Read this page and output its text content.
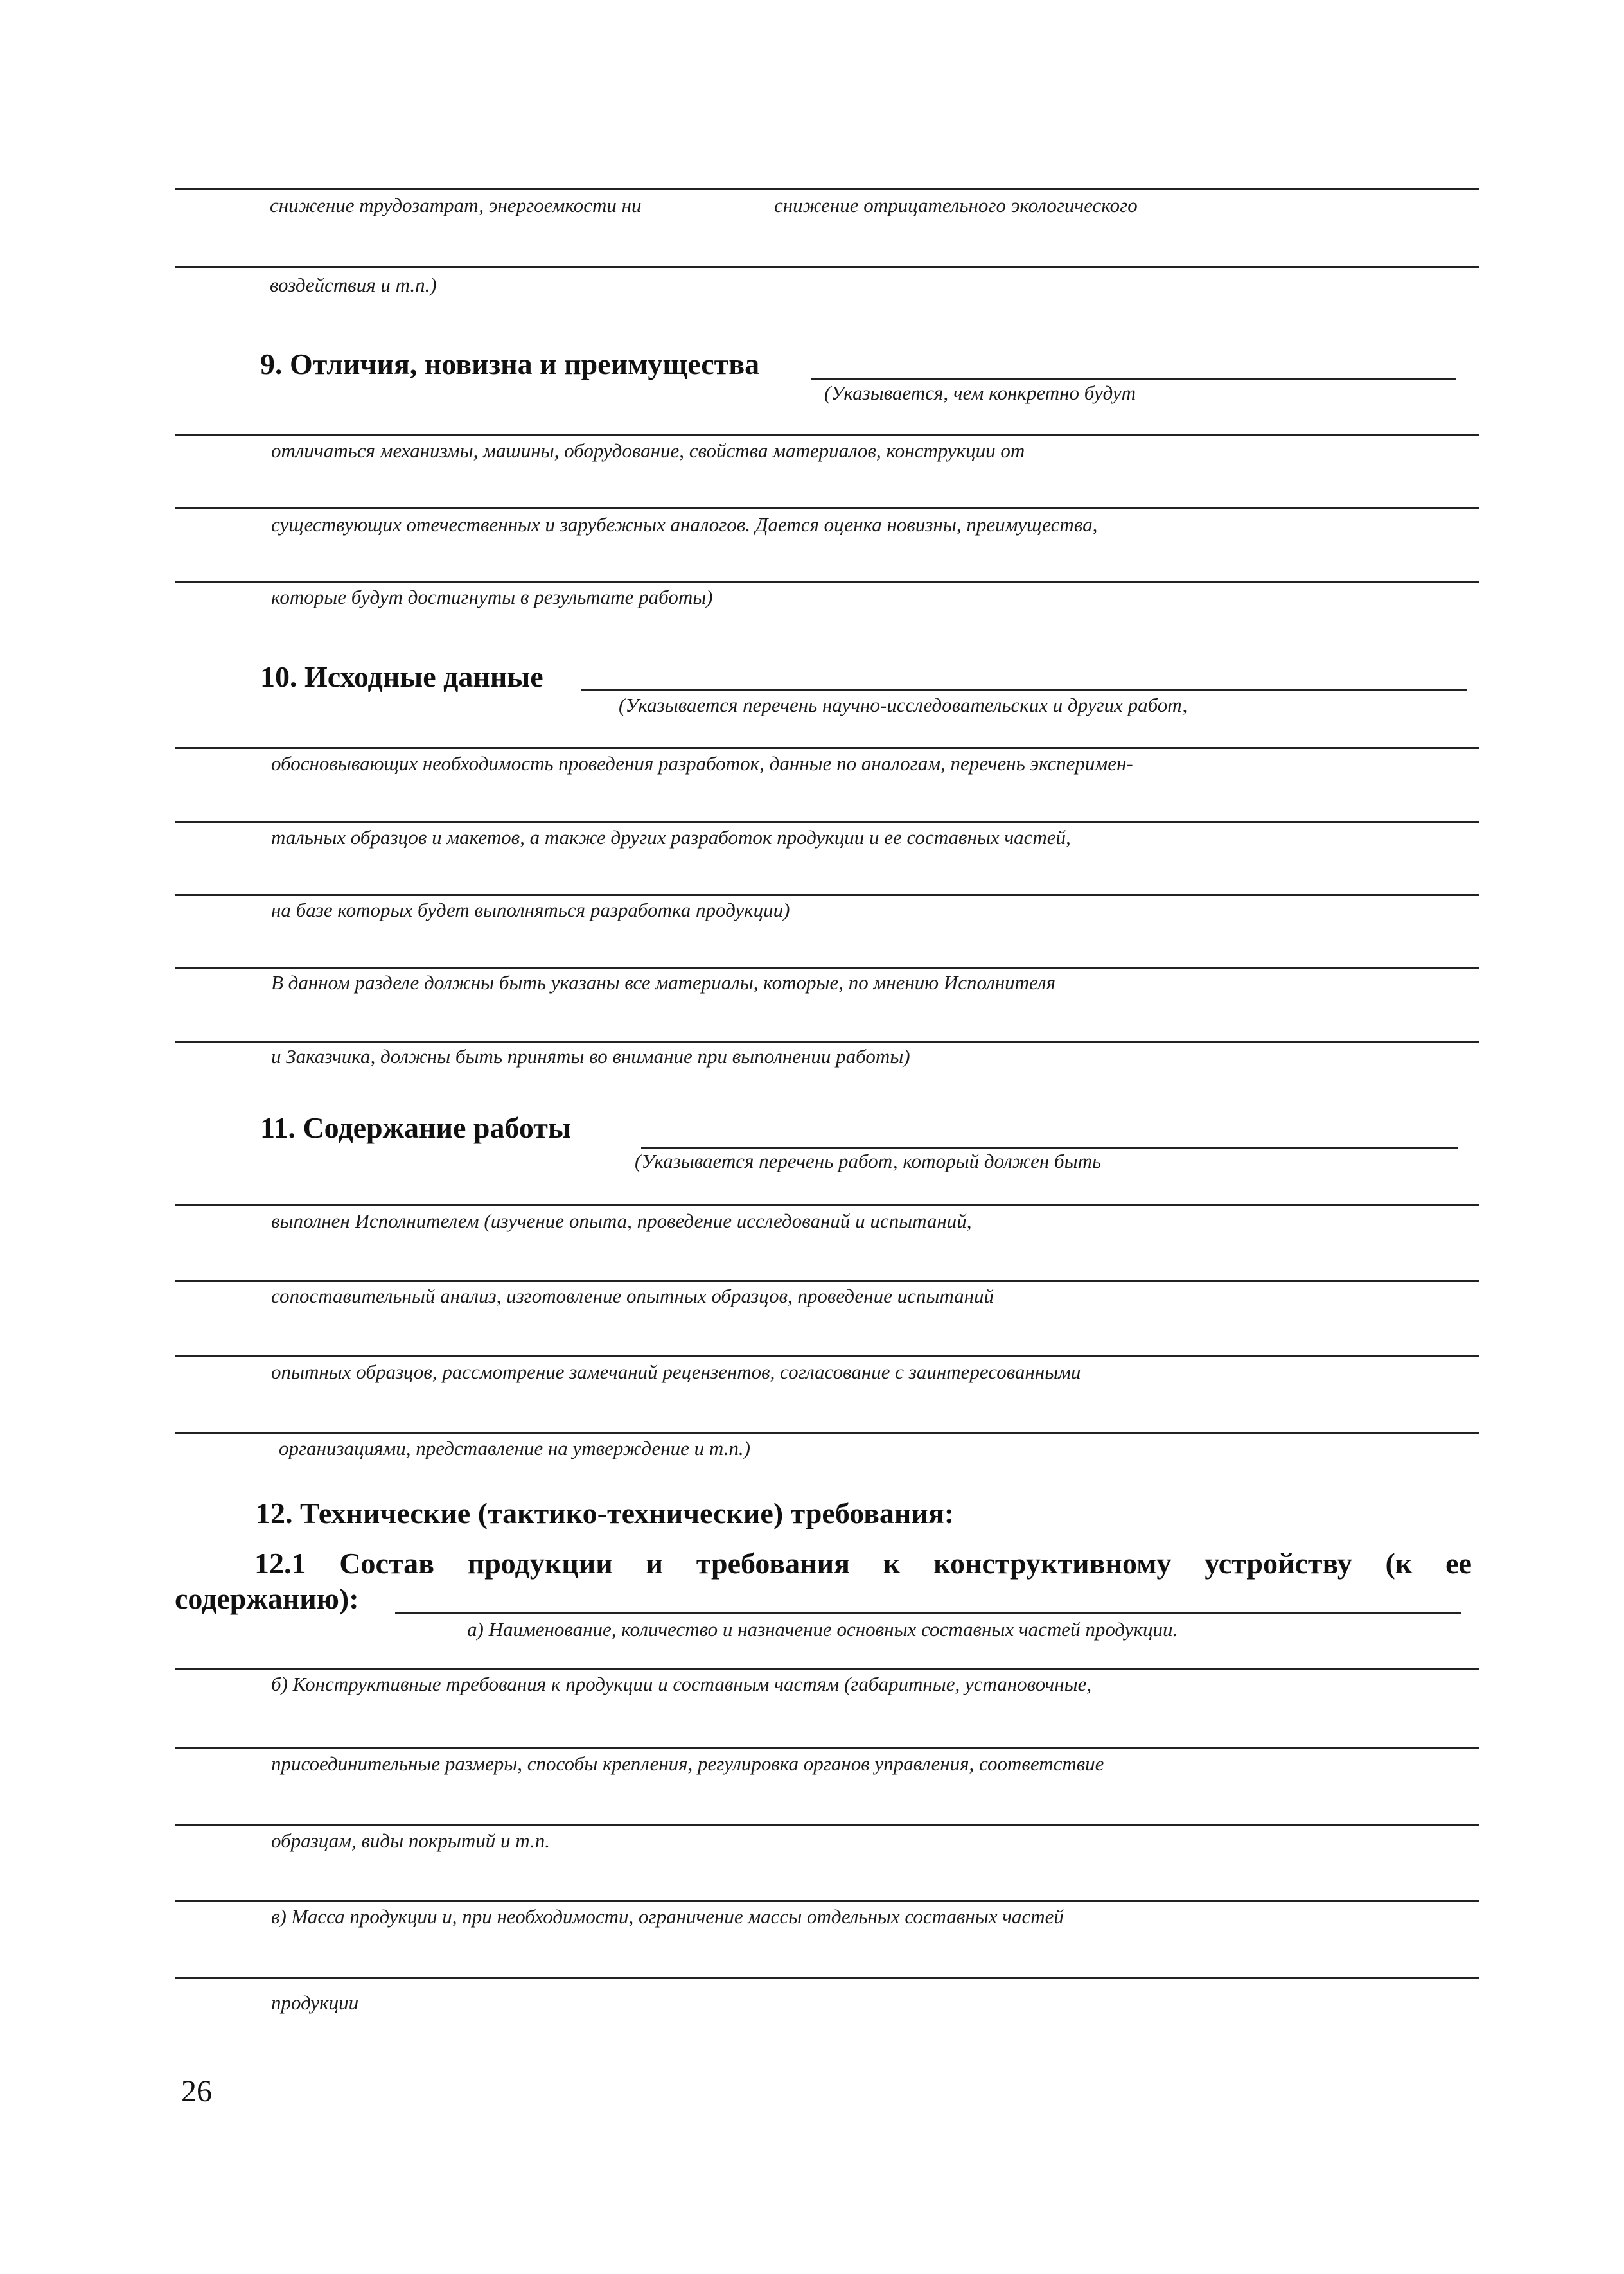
снижение трудозатрат, энергоемкости ни	снижение отрицательного экологического
воздействия и т.п.)
9. Отличия, новизна и преимущества
(Указывается, чем конкретно будут
отличаться механизмы, машины, оборудование, свойства материалов, конструкции от
существующих отечественных и зарубежных аналогов. Дается оценка новизны, преимущества,
которые будут достигнуты в результате работы)
10. Исходные данные
(Указывается перечень научно-исследовательских и других работ,
обосновывающих необходимость проведения разработок, данные по аналогам, перечень эксперимен-
тальных образцов и макетов, а также других разработок продукции и ее составных частей,
на базе которых будет выполняться разработка продукции)
В данном разделе должны быть указаны все материалы, которые, по мнению Исполнителя
и Заказчика, должны быть приняты во внимание при выполнении работы)
11. Содержание работы
(Указывается перечень работ, который должен быть
выполнен Исполнителем (изучение опыта, проведение исследований и испытаний,
сопоставительный анализ, изготовление опытных образцов, проведение испытаний
опытных образцов, рассмотрение замечаний рецензентов, согласование с заинтересованными
организациями, представление на утверждение и т.п.)
12. Технические (тактико-технические) требования:
12.1 Состав продукции и требования к конструктивному устройству (к ее
содержанию):
а) Наименование, количество и назначение основных составных частей продукции.
б) Конструктивные требования к продукции и составным частям (габаритные, установочные,
присоединительные размеры, способы крепления, регулировка органов управления, соответствие
образцам, виды покрытий и т.п.
в) Масса продукции и, при необходимости, ограничение массы отдельных составных частей
продукции
26
